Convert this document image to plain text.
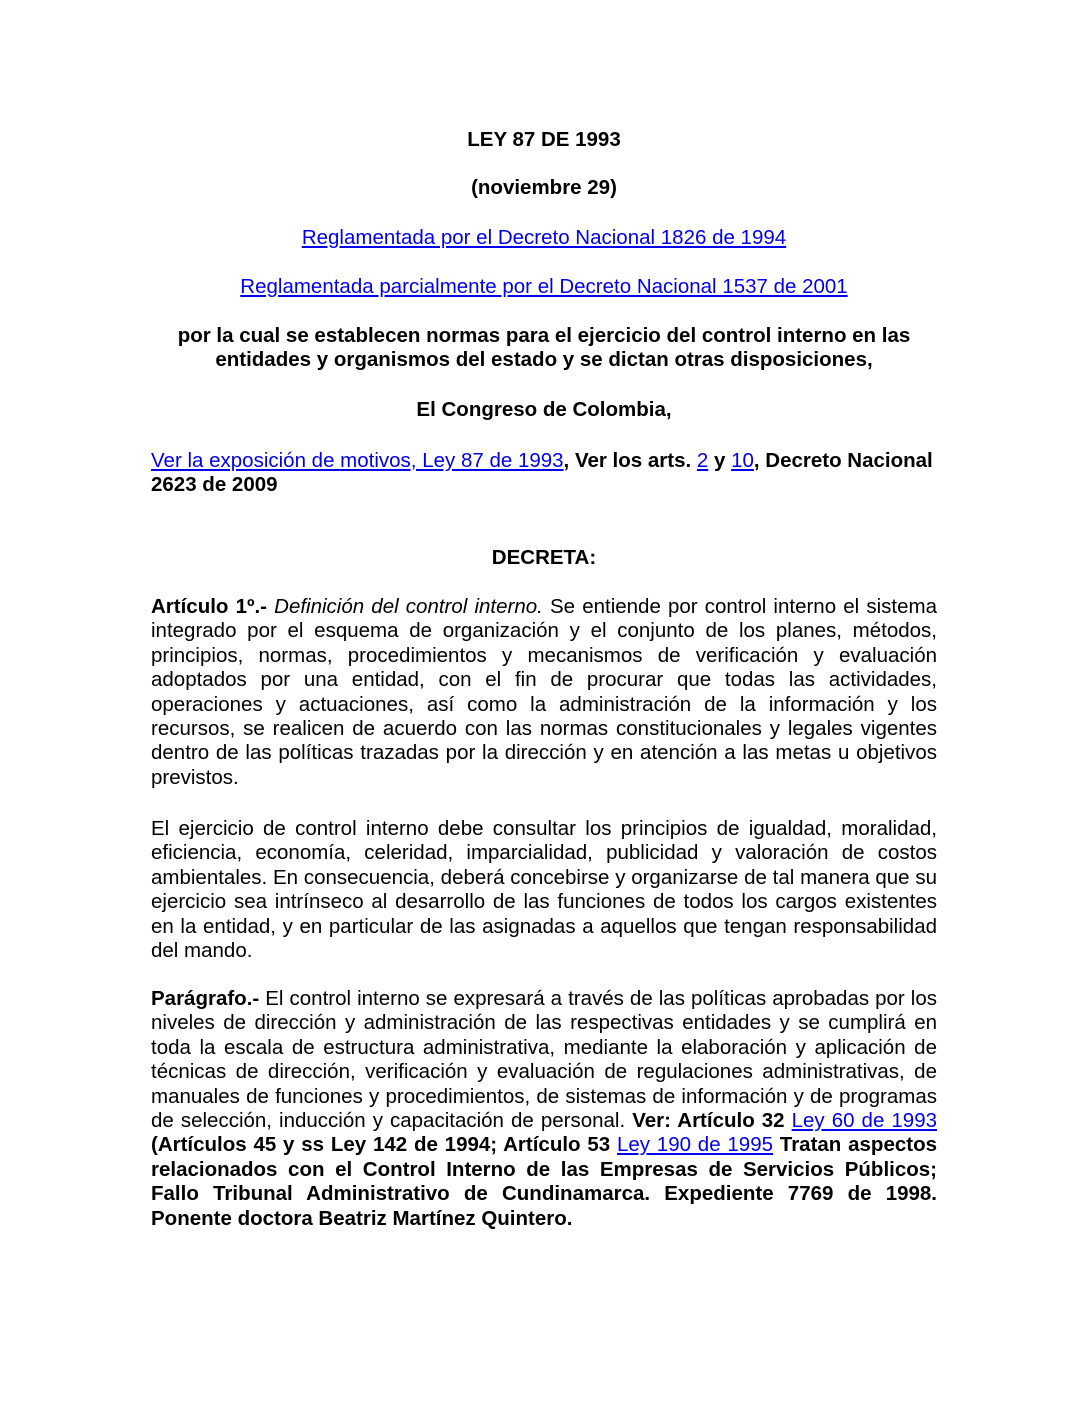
LEY 87 DE 1993

(noviembre 29)

Reglamentada por el Decreto Nacional 1826 de 1994

Reglamentada parcialmente por el Decreto Nacional 1537 de 2001

por la cual se establecen normas para el ejercicio del control interno en las entidades y organismos del estado y se dictan otras disposiciones,

El Congreso de Colombia,

Ver la exposición de motivos, Ley 87 de 1993, Ver los arts. 2 y 10, Decreto Nacional 2623 de 2009

DECRETA:

Artículo 1º.- Definición del control interno. Se entiende por control interno el sistema integrado por el esquema de organización y el conjunto de los planes, métodos, principios, normas, procedimientos y mecanismos de verificación y evaluación adoptados por una entidad, con el fin de procurar que todas las actividades, operaciones y actuaciones, así como la administración de la información y los recursos, se realicen de acuerdo con las normas constitucionales y legales vigentes dentro de las políticas trazadas por la dirección y en atención a las metas u objetivos previstos.

El ejercicio de control interno debe consultar los principios de igualdad, moralidad, eficiencia, economía, celeridad, imparcialidad, publicidad y valoración de costos ambientales. En consecuencia, deberá concebirse y organizarse de tal manera que su ejercicio sea intrínseco al desarrollo de las funciones de todos los cargos existentes en la entidad, y en particular de las asignadas a aquellos que tengan responsabilidad del mando.

Parágrafo.- El control interno se expresará a través de las políticas aprobadas por los niveles de dirección y administración de las respectivas entidades y se cumplirá en toda la escala de estructura administrativa, mediante la elaboración y aplicación de técnicas de dirección, verificación y evaluación de regulaciones administrativas, de manuales de funciones y procedimientos, de sistemas de información y de programas de selección, inducción y capacitación de personal. Ver: Artículo 32 Ley 60 de 1993 (Artículos 45 y ss Ley 142 de 1994; Artículo 53 Ley 190 de 1995 Tratan aspectos relacionados con el Control Interno de las Empresas de Servicios Públicos; Fallo Tribunal Administrativo de Cundinamarca. Expediente 7769 de 1998. Ponente doctora Beatriz Martínez Quintero.
